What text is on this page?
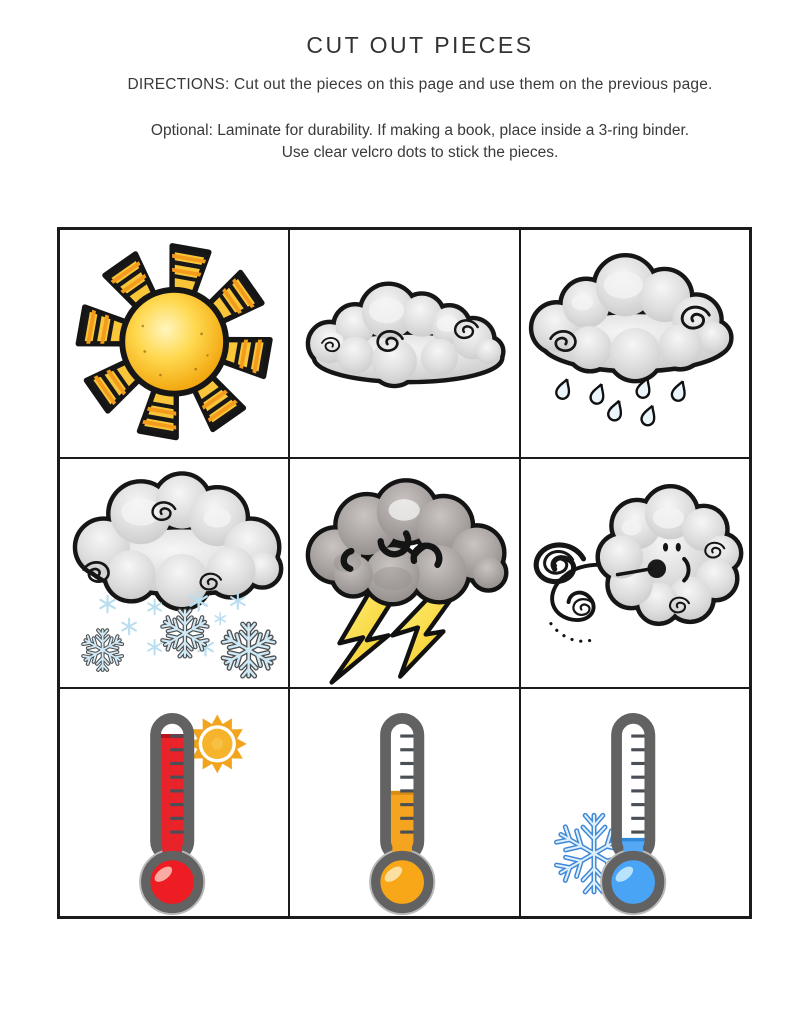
CUT OUT PIECES

DIRECTIONS: Cut out the pieces on this page and use them on the previous page.

Optional: Laminate for durability. If making a book, place inside a 3-ring binder.
Use clear velcro dots to stick the pieces.
